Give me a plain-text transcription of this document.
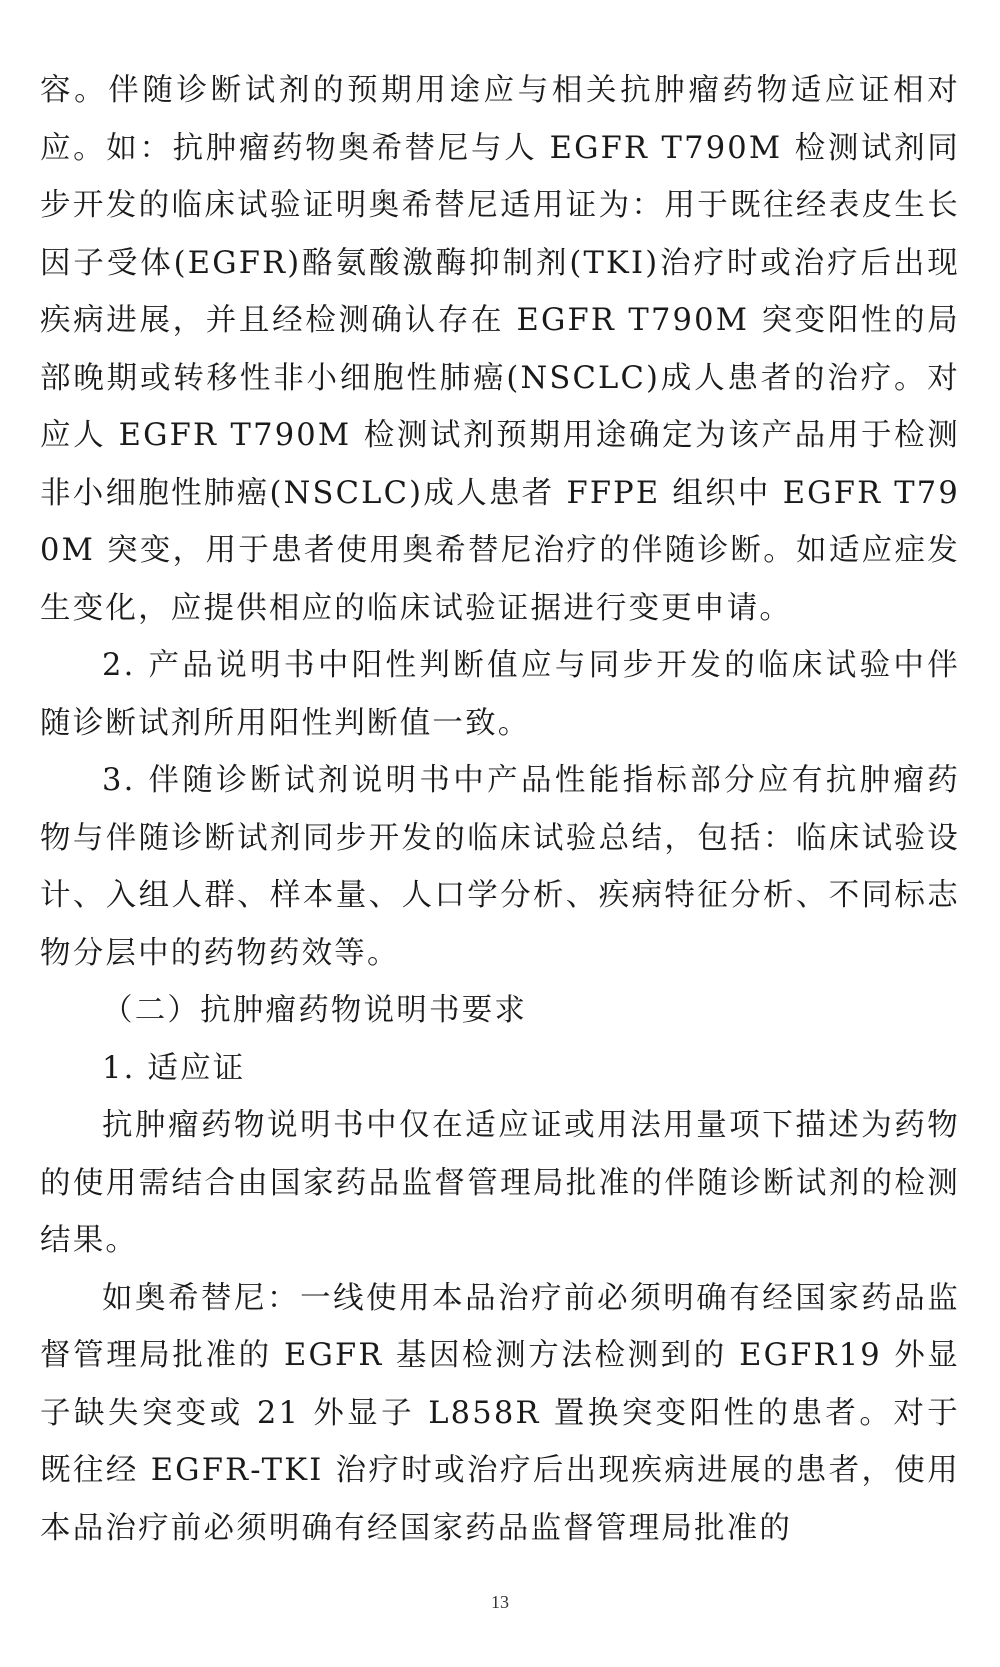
容。伴随诊断试剂的预期用途应与相关抗肿瘤药物适应证相对应。如：抗肿瘤药物奥希替尼与人 EGFR T790M 检测试剂同步开发的临床试验证明奥希替尼适用证为：用于既往经表皮生长因子受体(EGFR)酪氨酸激酶抑制剂(TKI)治疗时或治疗后出现疾病进展，并且经检测确认存在 EGFR T790M 突变阳性的局部晚期或转移性非小细胞性肺癌(NSCLC)成人患者的治疗。对应人 EGFR T790M 检测试剂预期用途确定为该产品用于检测非小细胞性肺癌(NSCLC)成人患者 FFPE 组织中 EGFR T790M 突变，用于患者使用奥希替尼治疗的伴随诊断。如适应症发生变化，应提供相应的临床试验证据进行变更申请。

2. 产品说明书中阳性判断值应与同步开发的临床试验中伴随诊断试剂所用阳性判断值一致。

3. 伴随诊断试剂说明书中产品性能指标部分应有抗肿瘤药物与伴随诊断试剂同步开发的临床试验总结，包括：临床试验设计、入组人群、样本量、人口学分析、疾病特征分析、不同标志物分层中的药物药效等。

（二）抗肿瘤药物说明书要求

1. 适应证

抗肿瘤药物说明书中仅在适应证或用法用量项下描述为药物的使用需结合由国家药品监督管理局批准的伴随诊断试剂的检测结果。

如奥希替尼：一线使用本品治疗前必须明确有经国家药品监督管理局批准的 EGFR 基因检测方法检测到的 EGFR19 外显子缺失突变或 21 外显子 L858R 置换突变阳性的患者。对于既往经 EGFR-TKI 治疗时或治疗后出现疾病进展的患者，使用本品治疗前必须明确有经国家药品监督管理局批准的

13
